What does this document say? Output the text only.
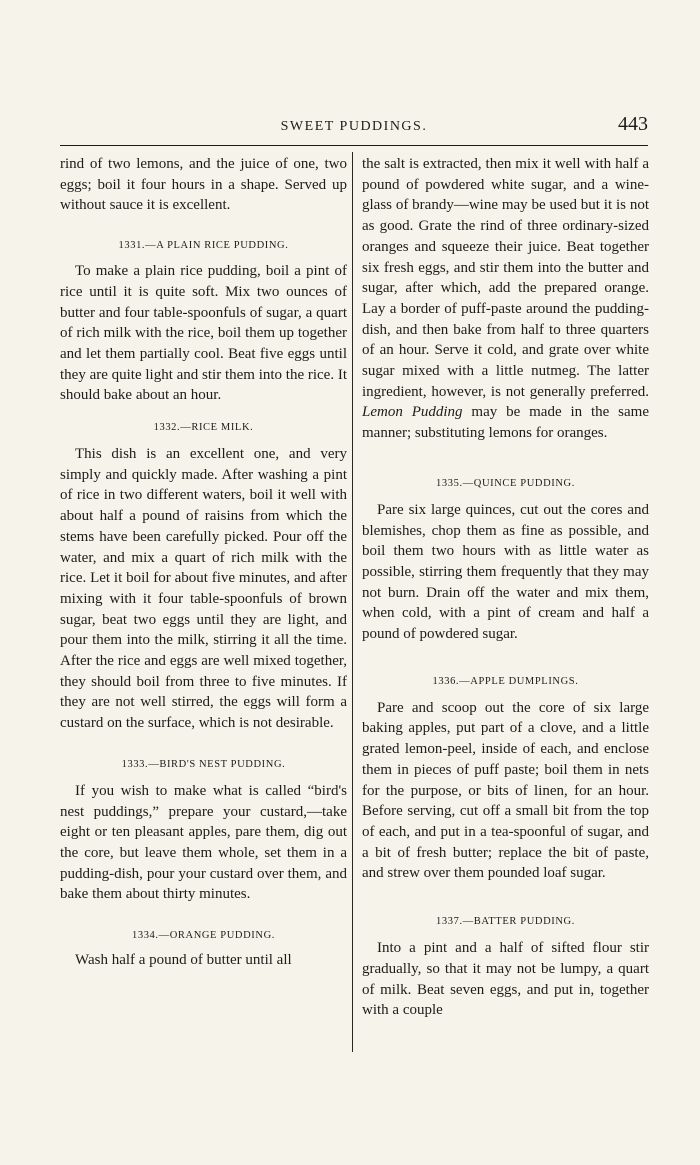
SWEET PUDDINGS.	443

rind of two lemons, and the juice of one, two eggs; boil it four hours in a shape. Served up without sauce it is excellent.

1331.—A PLAIN RICE PUDDING.

To make a plain rice pudding, boil a pint of rice until it is quite soft. Mix two ounces of butter and four table-spoonfuls of sugar, a quart of rich milk with the rice, boil them up together and let them partially cool. Beat five eggs until they are quite light and stir them into the rice. It should bake about an hour.

1332.—RICE MILK.

This dish is an excellent one, and very simply and quickly made. After washing a pint of rice in two different waters, boil it well with about half a pound of raisins from which the stems have been carefully picked. Pour off the water, and mix a quart of rich milk with the rice. Let it boil for about five minutes, and after mixing with it four table-spoonfuls of brown sugar, beat two eggs until they are light, and pour them into the milk, stirring it all the time. After the rice and eggs are well mixed together, they should boil from three to five minutes. If they are not well stirred, the eggs will form a custard on the surface, which is not desirable.

1333.—BIRD'S NEST PUDDING.

If you wish to make what is called “bird's nest puddings,” prepare your custard,—take eight or ten pleasant apples, pare them, dig out the core, but leave them whole, set them in a pudding-dish, pour your custard over them, and bake them about thirty minutes.

1334.—ORANGE PUDDING.

Wash half a pound of butter until all

the salt is extracted, then mix it well with half a pound of powdered white sugar, and a wine-glass of brandy—wine may be used but it is not as good. Grate the rind of three ordinary-sized oranges and squeeze their juice. Beat together six fresh eggs, and stir them into the butter and sugar, after which, add the prepared orange. Lay a border of puff-paste around the pudding-dish, and then bake from half to three quarters of an hour. Serve it cold, and grate over white sugar mixed with a little nutmeg. The latter ingredient, however, is not generally preferred. Lemon Pudding may be made in the same manner; substituting lemons for oranges.

1335.—QUINCE PUDDING.

Pare six large quinces, cut out the cores and blemishes, chop them as fine as possible, and boil them two hours with as little water as possible, stirring them frequently that they may not burn. Drain off the water and mix them, when cold, with a pint of cream and half a pound of powdered sugar.

1336.—APPLE DUMPLINGS.

Pare and scoop out the core of six large baking apples, put part of a clove, and a little grated lemon-peel, inside of each, and enclose them in pieces of puff paste; boil them in nets for the purpose, or bits of linen, for an hour. Before serving, cut off a small bit from the top of each, and put in a tea-spoonful of sugar, and a bit of fresh butter; replace the bit of paste, and strew over them pounded loaf sugar.

1337.—BATTER PUDDING.

Into a pint and a half of sifted flour stir gradually, so that it may not be lumpy, a quart of milk. Beat seven eggs, and put in, together with a couple
